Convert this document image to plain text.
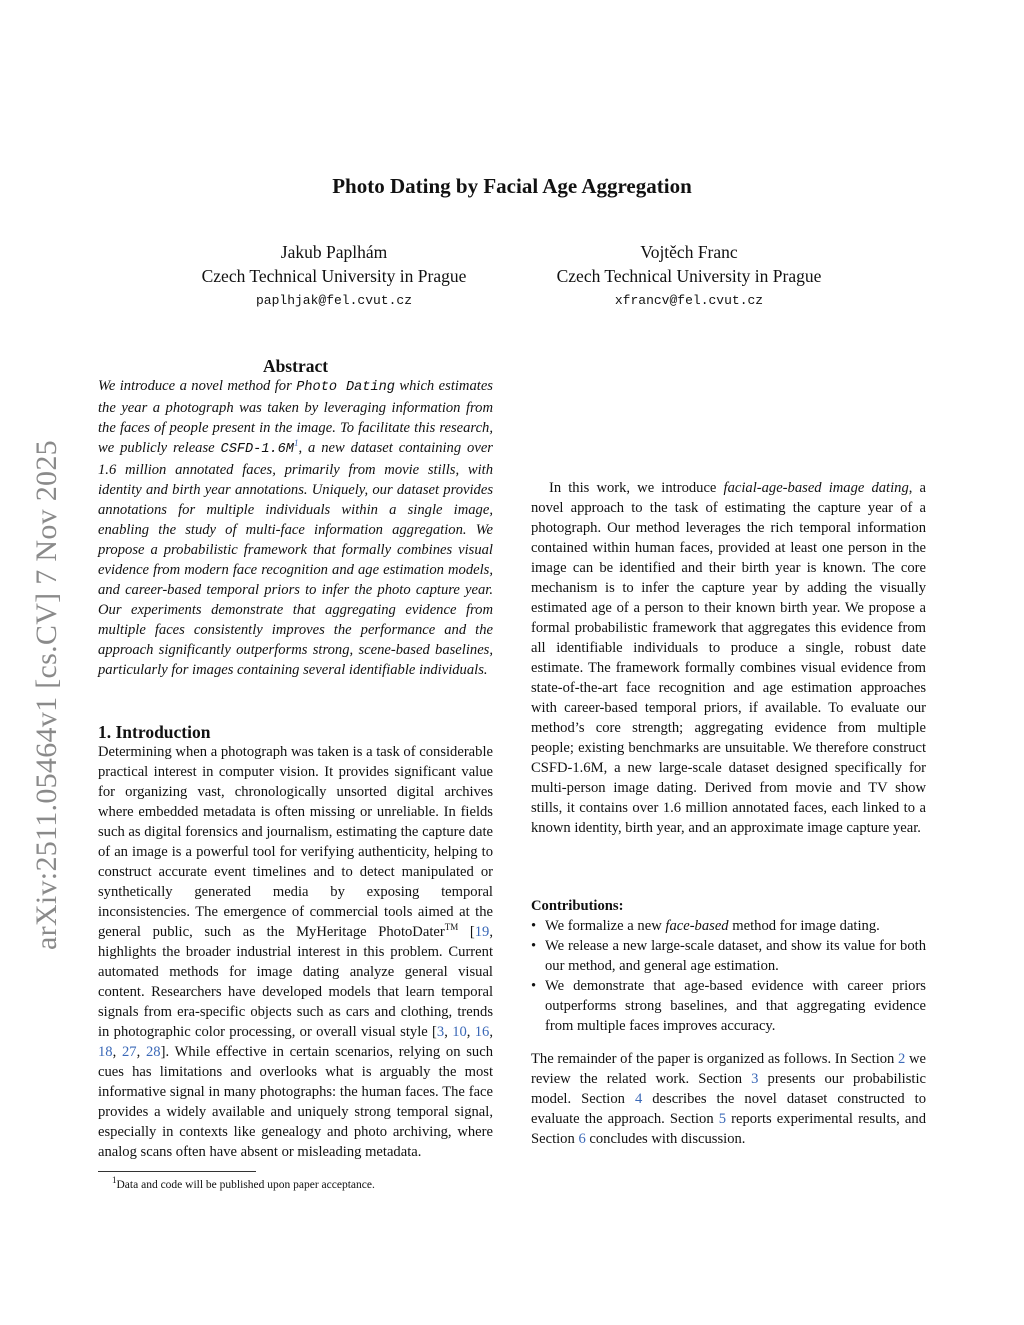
Photo Dating by Facial Age Aggregation
Jakub Paplhám
Czech Technical University in Prague
paplhjak@fel.cvut.cz
Vojtěch Franc
Czech Technical University in Prague
xfrancv@fel.cvut.cz
arXiv:2511.05464v1 [cs.CV] 7 Nov 2025

Abstract

We introduce a novel method for Photo Dating which estimates the year a photograph was taken by leveraging information from the faces of people present in the image. To facilitate this research, we publicly release CSFD-$1.6M^1$, a new dataset containing over 1.6 million annotated faces, primarily from movie stills, with identity and birth year annotations. Uniquely, our dataset provides annotations for multiple individuals within a single image, enabling the study of multi-face information aggregation. We propose a probabilistic framework that formally combines visual evidence from modern face recognition and age estimation models, and career-based temporal priors to infer the photo capture year. Our experiments demonstrate that aggregating evidence from multiple faces consistently improves the performance and the approach significantly outperforms strong, scene-based baselines, particularly for images containing several identifiable individuals.

1. Introduction

Determining when a photograph was taken is a task of considerable practical interest in computer vision. It provides significant value for organizing vast, chronologically unsorted digital archives where embedded metadata is often missing or unreliable. In fields such as digital forensics and journalism, estimating the capture date of an image is a powerful tool for verifying authenticity, helping to construct accurate event timelines and to detect manipulated or synthetically generated media by exposing temporal inconsistencies. The emergence of commercial tools aimed at the general public, such as the MyHeritage PhotoDater™ [19, highlights the broader industrial interest in this problem. Current automated methods for image dating analyze general visual content. Researchers have developed models that learn temporal signals from era-specific objects such as cars and clothing, trends in photographic color processing, or overall visual style [3, 10, 16, 18, 27, 28]. While effective in certain scenarios, relying on such cues has limitations and overlooks what is arguably the most informative signal in many photographs: the human faces. The face provides a widely available and uniquely strong temporal signal, especially in contexts like genealogy and photo archiving, where analog scans often have absent or misleading metadata.

In this work, we introduce facial-age-based image dating, a novel approach to the task of estimating the capture year of a photograph. Our method leverages the rich temporal information contained within human faces, provided at least one person in the image can be identified and their birth year is known. The core mechanism is to infer the capture year by adding the visually estimated age of a person to their known birth year. We propose a formal probabilistic framework that aggregates this evidence from all identifiable individuals to produce a single, robust date estimate. The framework formally combines visual evidence from state-of-the-art face recognition and age estimation approaches with career-based temporal priors, if available. To evaluate our method’s core strength; aggregating evidence from multiple people; existing benchmarks are unsuitable. We therefore construct CSFD-1.6M, a new large-scale dataset designed specifically for multi-person image dating. Derived from movie and TV show stills, it contains over 1.6 million annotated faces, each linked to a known identity, birth year, and an approximate image capture year.

Contributions:

• We formalize a new face-based method for image dating.
• We release a new large-scale dataset, and show its value for both our method, and general age estimation.
• We demonstrate that age-based evidence with career priors outperforms strong baselines, and that aggregating evidence from multiple faces improves accuracy.

The remainder of the paper is organized as follows. In Section 2 we review the related work. Section 3 presents our probabilistic model. Section 4 describes the novel dataset constructed to evaluate the approach. Section 5 reports experimental results, and Section 6 concludes with discussion.

$^1$Data and code will be published upon paper acceptance.
